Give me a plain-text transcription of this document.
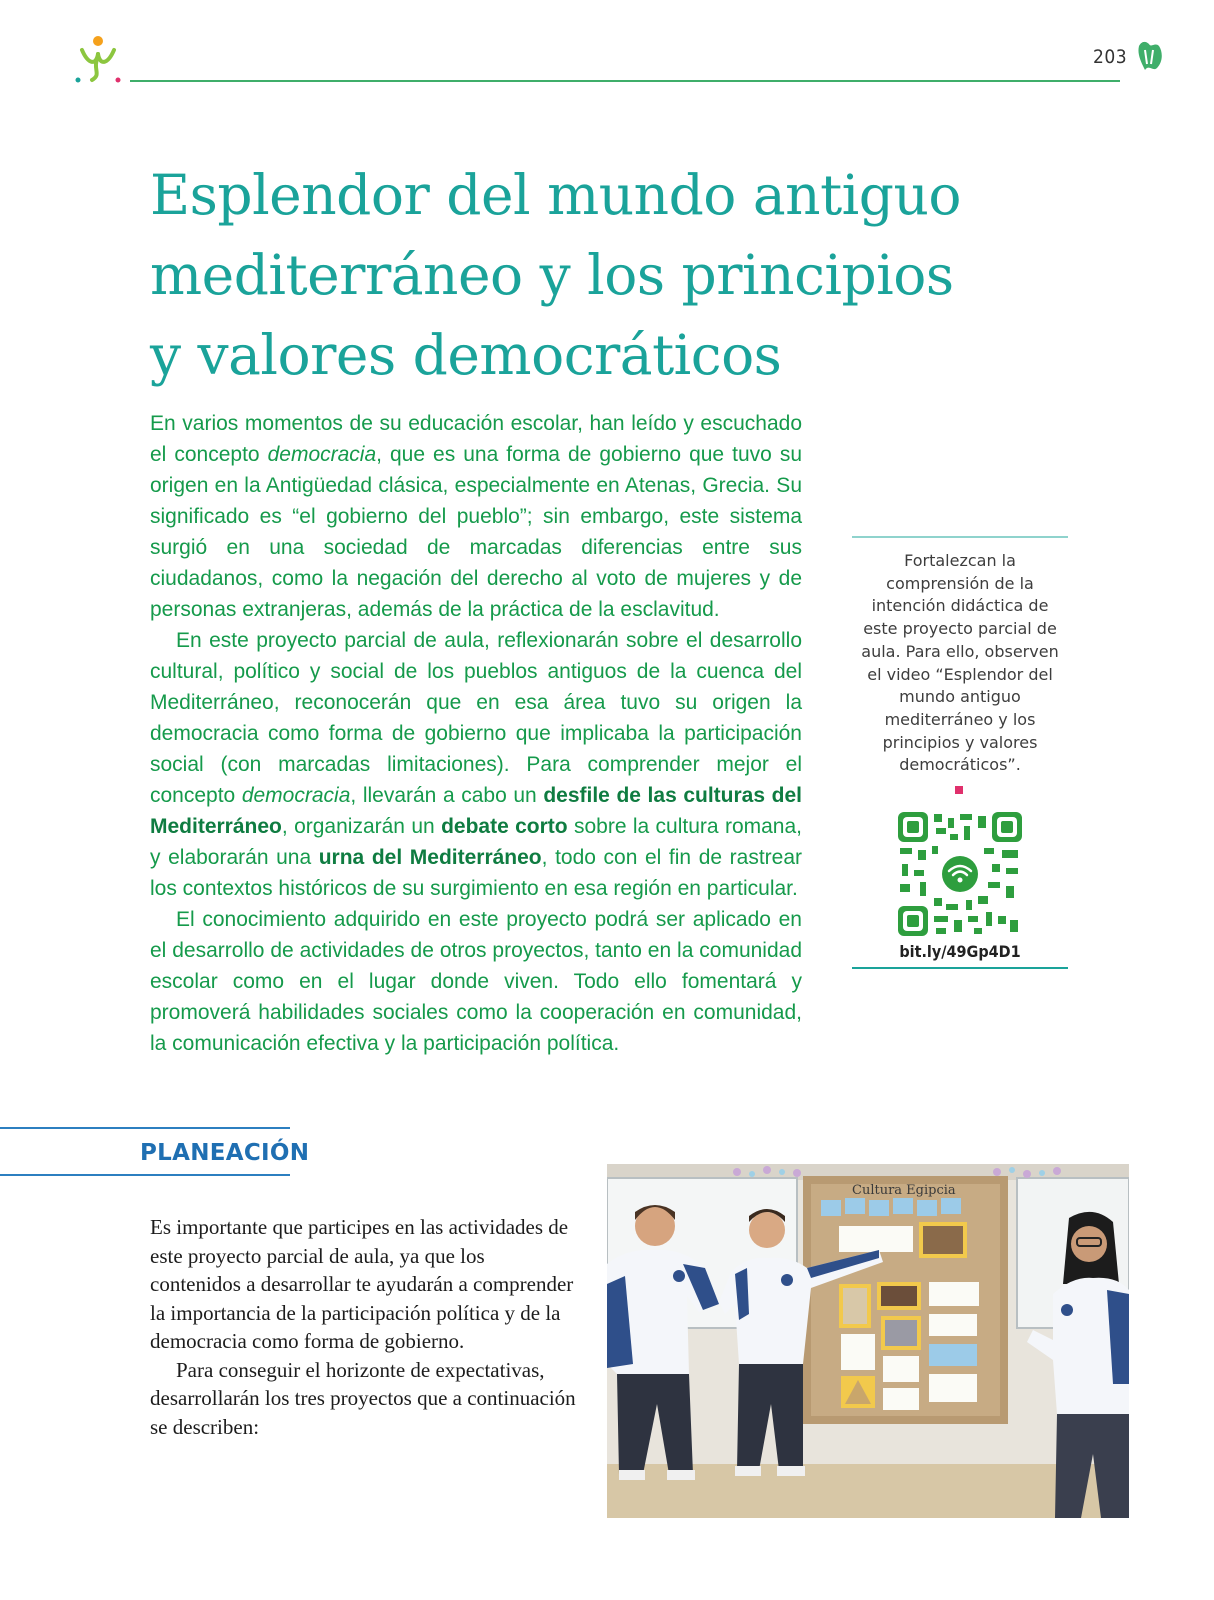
203
Esplendor del mundo antiguo
mediterráneo y los principios
y valores democráticos

En varios momentos de su educación escolar, han leído y escuchado el concepto democracia, que es una forma de gobierno que tuvo su origen en la Antigüedad clásica, especialmente en Atenas, Grecia. Su significado es “el gobierno del pueblo”; sin embargo, este sistema surgió en una sociedad de marcadas diferencias entre sus ciudadanos, como la negación del derecho al voto de mujeres y de personas extranjeras, además de la práctica de la esclavitud.

En este proyecto parcial de aula, reflexionarán sobre el desarrollo cultural, político y social de los pueblos antiguos de la cuenca del Mediterráneo, reconocerán que en esa área tuvo su origen la democracia como forma de gobierno que implicaba la participación social (con marcadas limitaciones). Para comprender mejor el concepto democracia, llevarán a cabo un desfile de las culturas del Mediterráneo, organizarán un debate corto sobre la cultura romana, y elaborarán una urna del Mediterráneo, todo con el fin de rastrear los contextos históricos de su surgimiento en esa región en particular.

El conocimiento adquirido en este proyecto podrá ser aplicado en el desarrollo de actividades de otros proyectos, tanto en la comunidad escolar como en el lugar donde viven. Todo ello fomentará y promoverá habilidades sociales como la cooperación en comunidad, la comunicación efectiva y la participación política.

Fortalezcan la comprensión de la intención didáctica de este proyecto parcial de aula. Para ello, observen el video “Esplendor del mundo antiguo mediterráneo y los principios y valores democráticos”.
bit.ly/49Gp4D1
PLANEACIÓN

Es importante que participes en las actividades de este proyecto parcial de aula, ya que los contenidos a desarrollar te ayudarán a comprender la importancia de la participación política y de la democracia como forma de gobierno.

Para conseguir el horizonte de expectativas, desarrollarán los tres proyectos que a continuación se describen:

Cultura Egipcia
